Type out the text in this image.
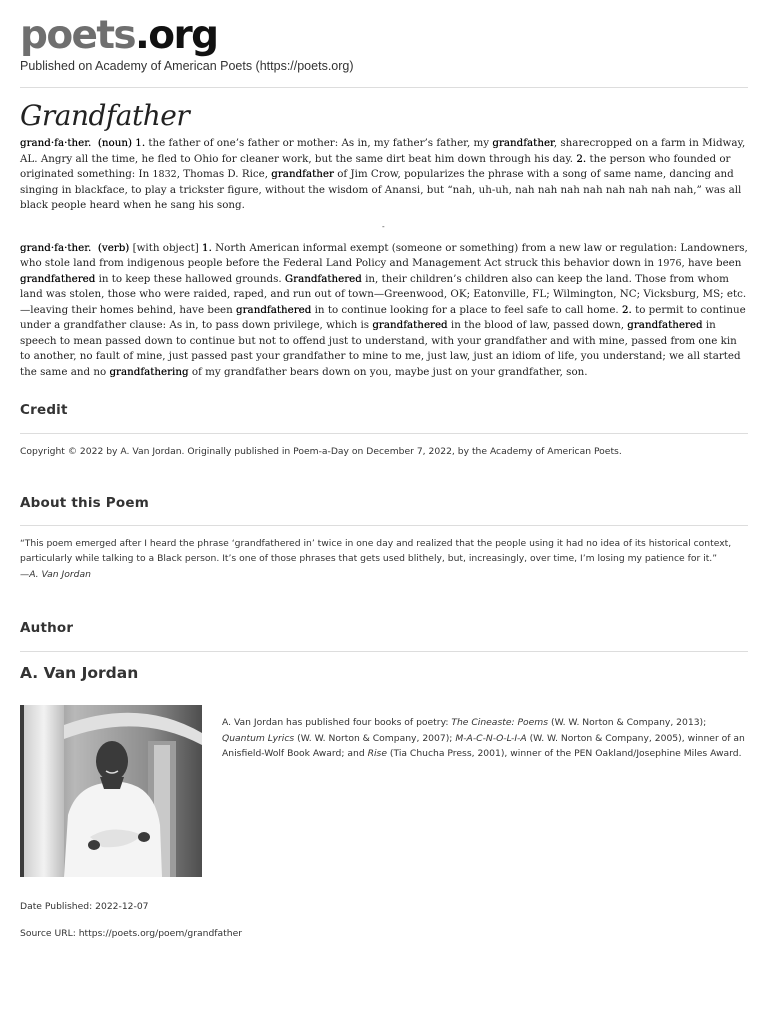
poets.org
Published on Academy of American Poets (https://poets.org)
Grandfather

grand·fa·ther. (noun) 1. the father of one’s father or mother: As in, my father’s father, my grandfather, sharecropped on a farm in Midway, AL. Angry all the time, he fled to Ohio for cleaner work, but the same dirt beat him down through his day. 2. the person who founded or originated something: In 1832, Thomas D. Rice, grandfather of Jim Crow, popularizes the phrase with a song of same name, dancing and singing in blackface, to play a trickster figure, without the wisdom of Anansi, but “nah, uh-uh, nah nah nah nah nah nah nah nah,” was all black people heard when he sang his song.

-

grand·fa·ther. (verb) [with object] 1. North American informal exempt (someone or something) from a new law or regulation: Landowners, who stole land from indigenous people before the Federal Land Policy and Management Act struck this behavior down in 1976, have been grandfathered in to keep these hallowed grounds. Grandfathered in, their children’s children also can keep the land. Those from whom land was stolen, those who were raided, raped, and run out of town—Greenwood, OK; Eatonville, FL; Wilmington, NC; Vicksburg, MS; etc. —leaving their homes behind, have been grandfathered in to continue looking for a place to feel safe to call home. 2. to permit to continue under a grandfather clause: As in, to pass down privilege, which is grandfathered in the blood of law, passed down, grandfathered in speech to mean passed down to continue but not to offend just to understand, with your grandfather and with mine, passed from one kin to another, no fault of mine, just passed past your grandfather to mine to me, just law, just an idiom of life, you understand; we all started the same and no grandfathering of my grandfather bears down on you, maybe just on your grandfather, son.

Credit

Copyright © 2022 by A. Van Jordan. Originally published in Poem-a-Day on December 7, 2022, by the Academy of American Poets.

About this Poem

“This poem emerged after I heard the phrase ‘grandfathered in’ twice in one day and realized that the people using it had no idea of its historical context, particularly while talking to a Black person. It’s one of those phrases that gets used blithely, but, increasingly, over time, I’m losing my patience for it.”

—A. Van Jordan

Author
A. Van Jordan

A. Van Jordan has published four books of poetry: The Cineaste: Poems (W. W. Norton & Company, 2013); Quantum Lyrics (W. W. Norton & Company, 2007); M-A-C-N-O-L-I-A (W. W. Norton & Company, 2005), winner of an Anisfield-Wolf Book Award; and Rise (Tia Chucha Press, 2001), winner of the PEN Oakland/Josephine Miles Award.

Date Published: 2022-12-07

Source URL: https://poets.org/poem/grandfather
